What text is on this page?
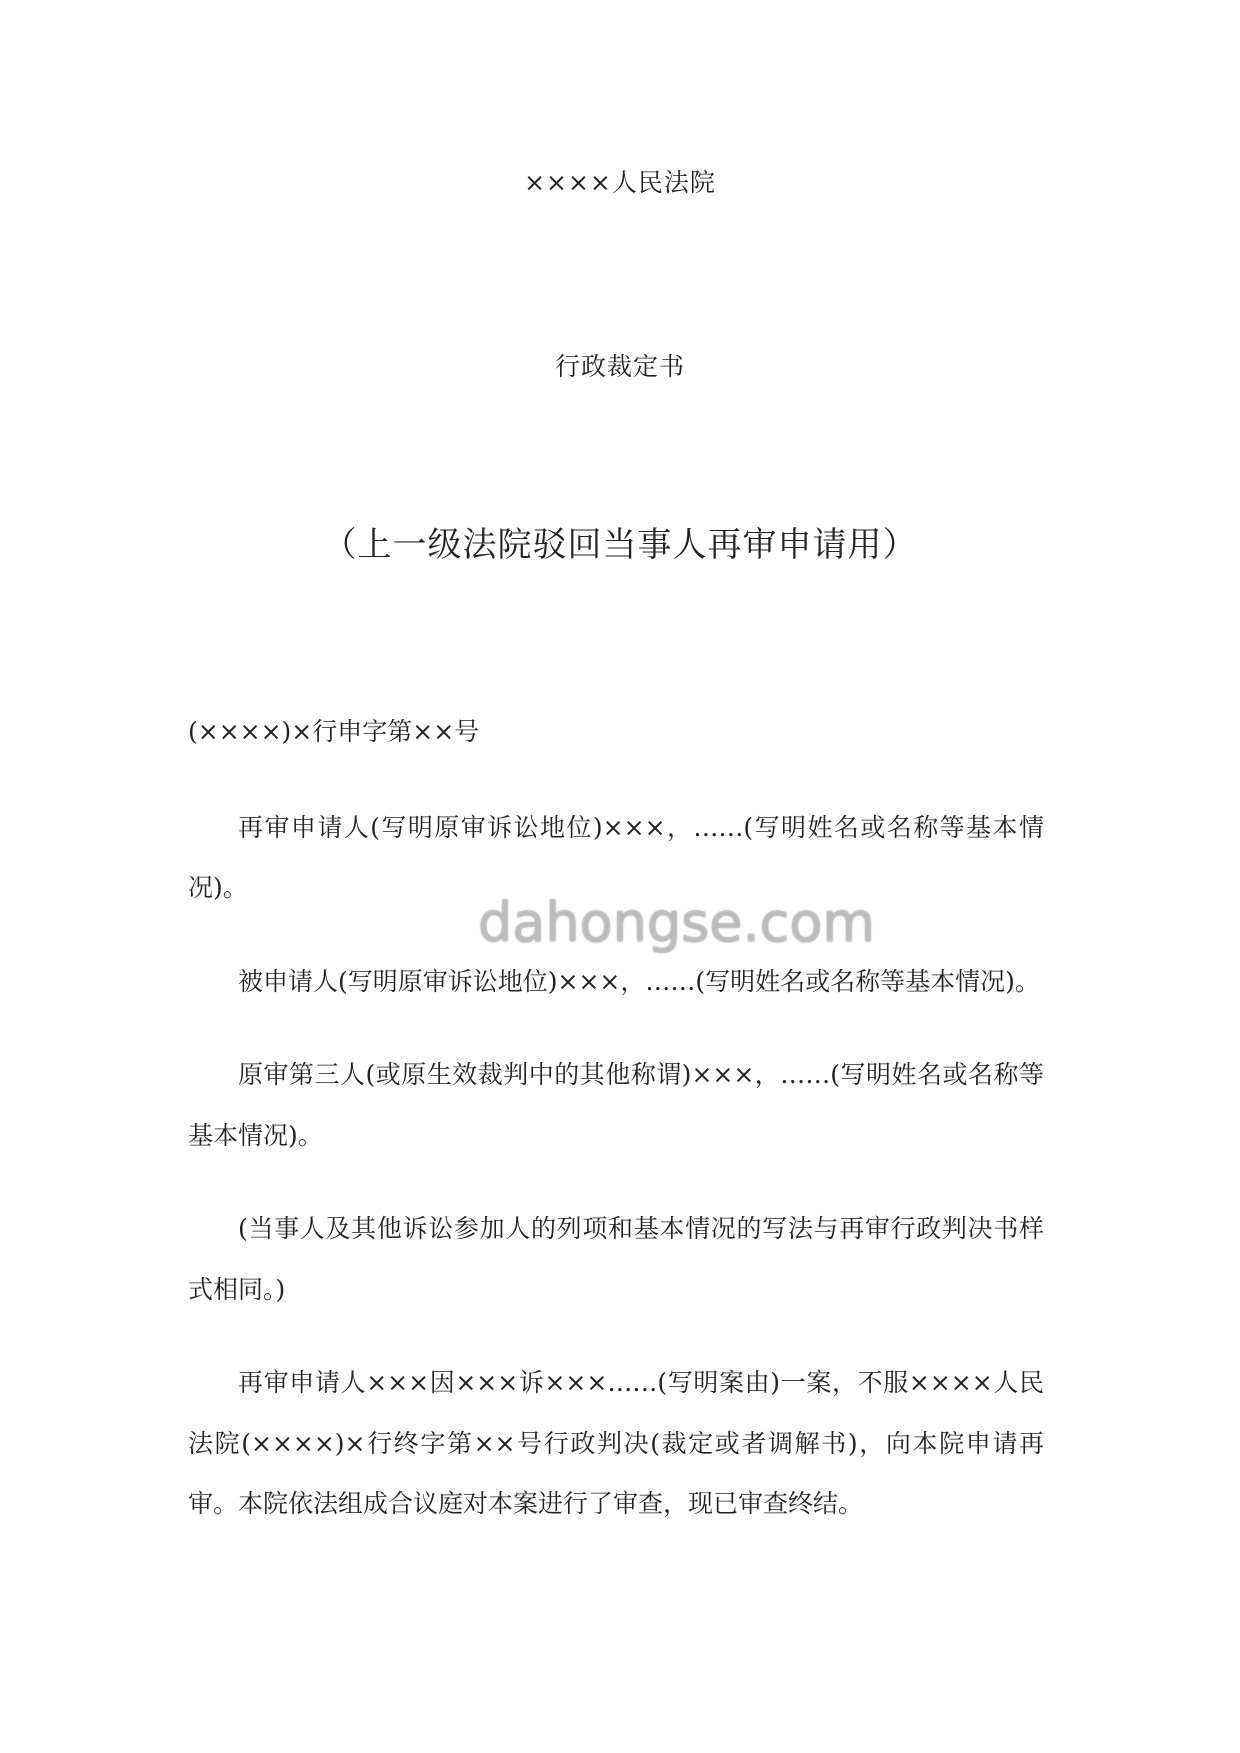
××××人民法院
行政裁定书
（上一级法院驳回当事人再审申请用）

(××××)×行申字第××号

再审申请人(写明原审诉讼地位)×××，……(写明姓名或名称等基本情况)。

被申请人(写明原审诉讼地位)×××，……(写明姓名或名称等基本情况)。

原审第三人(或原生效裁判中的其他称谓)×××，……(写明姓名或名称等基本情况)。

(当事人及其他诉讼参加人的列项和基本情况的写法与再审行政判决书样式相同。)

再审申请人×××因×××诉×××……(写明案由)一案，不服××××人民法院(××××)×行终字第××号行政判决(裁定或者调解书)，向本院申请再审。本院依法组成合议庭对本案进行了审查，现已审查终结。

dahongse.com
